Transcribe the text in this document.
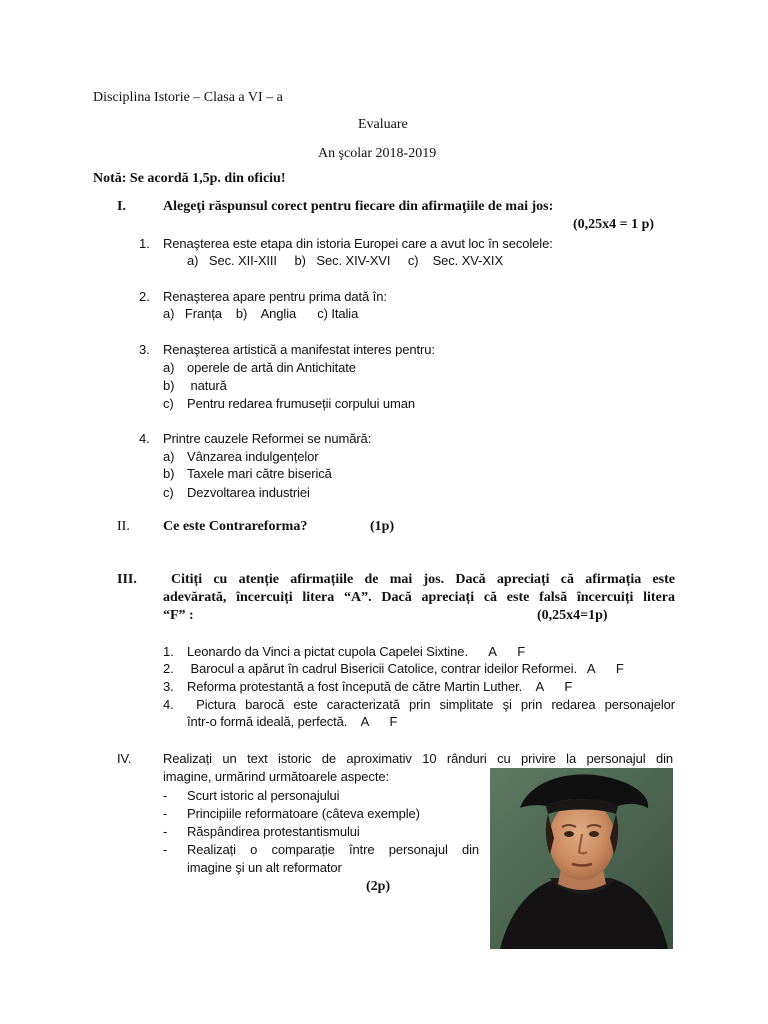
Disciplina Istorie – Clasa a VI – a
Evaluare
An şcolar 2018-2019
Notă: Se acordă 1,5p. din oficiu!
I.	Alegeţi răspunsul corect pentru fiecare din afirmaţiile de mai jos:
(0,25x4 = 1 p)
1. Renaşterea este etapa din istoria Europei care a avut loc în secolele:
a)   Sec. XII-XIII     b)   Sec. XIV-XVI     c)    Sec. XV-XIX
2. Renaşterea apare pentru prima dată în:
a)   Franța    b)    Anglia      c) Italia
3. Renaşterea artistică a manifestat interes pentru:
a) operele de artă din Antichitate
b) natură
c) Pentru redarea frumuseții corpului uman
4. Printre cauzele Reformei se numără:
a) Vânzarea indulgențelor
b) Taxele mari către biserică
c) Dezvoltarea industriei
II. Ce este Contrareforma?	(1p)
III. Citiți cu atenție afirmațiile de mai jos. Dacă apreciați că afirmația este
adevărată, încercuiți litera “A”. Dacă apreciați că este falsă încercuiți litera
“F” :	(0,25x4=1p)
1. Leonardo da Vinci a pictat cupola Capelei Sixtine.      A      F
2. Barocul a apărut în cadrul Bisericii Catolice, contrar ideilor Reformei.   A      F
3. Reforma protestantă a fost începută de către Martin Luther.    A      F
4. Pictura barocă este caracterizată prin simplitate şi prin redarea personajelor
într-o formă ideală, perfectă.    A      F
IV. Realizați un text istoric de aproximativ 10 rânduri cu privire la personajul din
imagine, urmărind următoarele aspecte:
- Scurt istoric al personajului
- Principiile reformatoare (câteva exemple)
- Răspândirea protestantismului
- Realizați o comparație între personajul din
imagine şi un alt reformator
(2p)
